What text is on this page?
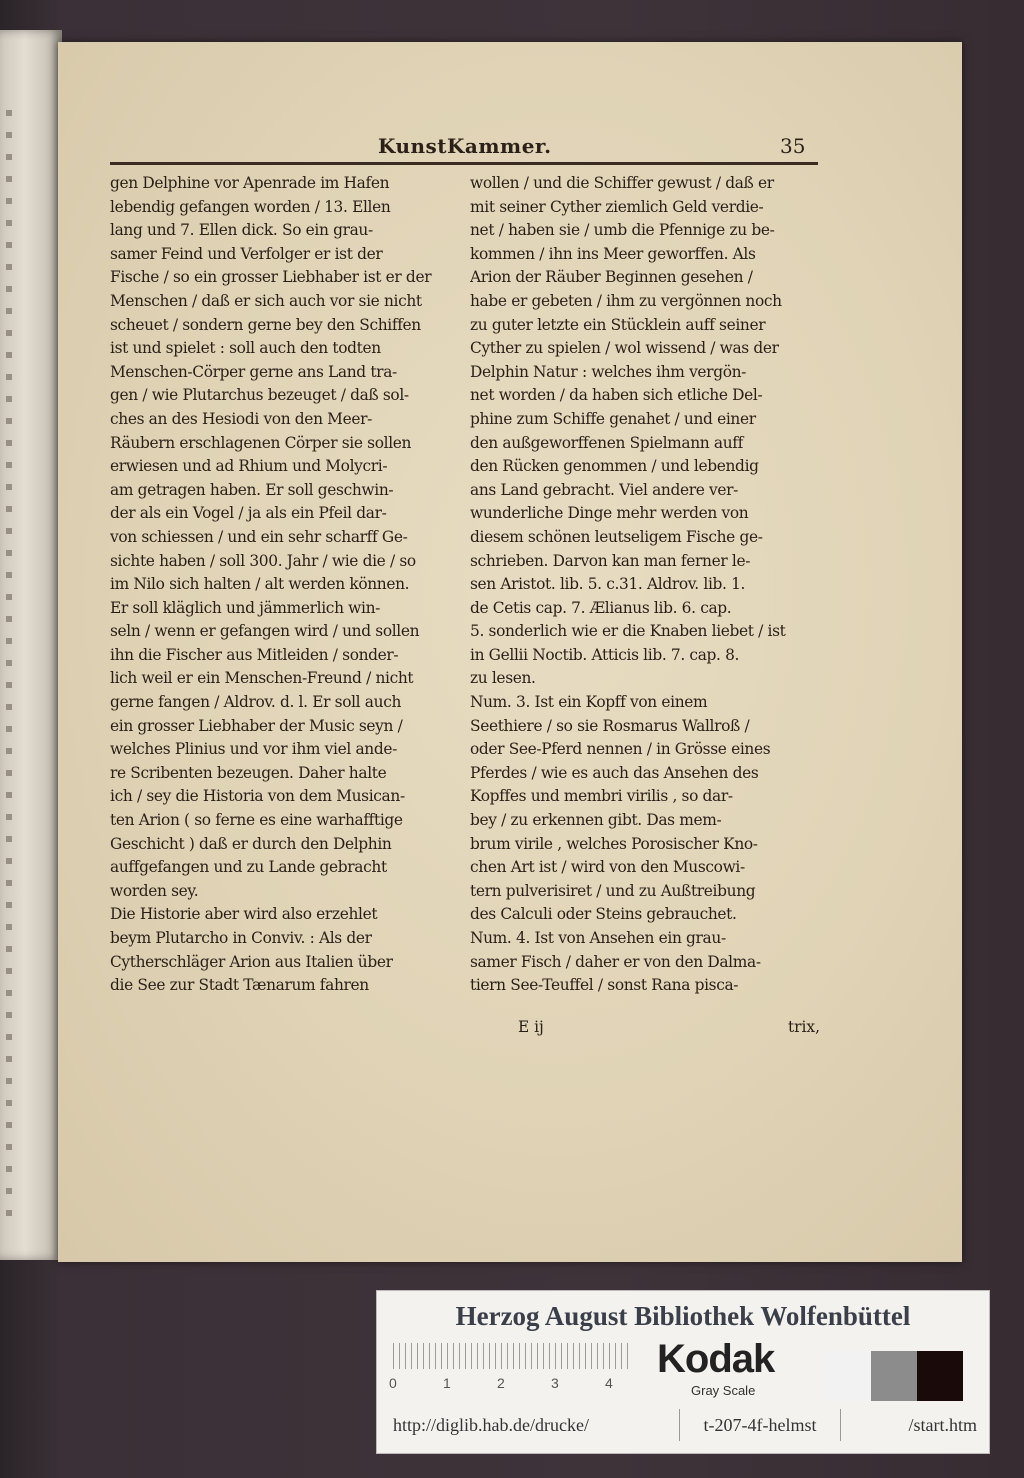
KunstKammer.	35
gen Delphine vor Apenrade im Hafen
lebendig gefangen worden / 13. Ellen
lang und 7. Ellen dick. So ein grau-
samer Feind und Verfolger er ist der
Fische / so ein grosser Liebhaber ist er der
Menschen / daß er sich auch vor sie nicht
scheuet / sondern gerne bey den Schiffen
ist und spielet : soll auch den todten
Menschen-Cörper gerne ans Land tra-
gen / wie Plutarchus bezeuget / daß sol-
ches an des Hesiodi von den Meer-
Räubern erschlagenen Cörper sie sollen
erwiesen und ad Rhium und Molycri-
am getragen haben. Er soll geschwin-
der als ein Vogel / ja als ein Pfeil dar-
von schiessen / und ein sehr scharff Ge-
sichte haben / soll 300. Jahr / wie die / so
im Nilo sich halten / alt werden können.
Er soll kläglich und jämmerlich win-
seln / wenn er gefangen wird / und sollen
ihn die Fischer aus Mitleiden / sonder-
lich weil er ein Menschen-Freund / nicht
gerne fangen / Aldrov. d. l. Er soll auch
ein grosser Liebhaber der Music seyn /
welches Plinius und vor ihm viel ande-
re Scribenten bezeugen. Daher halte
ich / sey die Historia von dem Musican-
ten Arion ( so ferne es eine warhafftige
Geschicht ) daß er durch den Delphin
auffgefangen und zu Lande gebracht
worden sey.
Die Historie aber wird also erzehlet
beym Plutarcho in Conviv. : Als der
Cytherschläger Arion aus Italien über
die See zur Stadt Tænarum fahren
wollen / und die Schiffer gewust / daß er
mit seiner Cyther ziemlich Geld verdie-
net / haben sie / umb die Pfennige zu be-
kommen / ihn ins Meer geworffen. Als
Arion der Räuber Beginnen gesehen /
habe er gebeten / ihm zu vergönnen noch
zu guter letzte ein Stücklein auff seiner
Cyther zu spielen / wol wissend / was der
Delphin Natur : welches ihm vergön-
net worden / da haben sich etliche Del-
phine zum Schiffe genahet / und einer
den außgeworffenen Spielmann auff
den Rücken genommen / und lebendig
ans Land gebracht. Viel andere ver-
wunderliche Dinge mehr werden von
diesem schönen leutseligem Fische ge-
schrieben. Darvon kan man ferner le-
sen Aristot. lib. 5. c.31. Aldrov. lib. 1.
de Cetis cap. 7. Ælianus lib. 6. cap.
5. sonderlich wie er die Knaben liebet / ist
in Gellii Noctib. Atticis lib. 7. cap. 8.
zu lesen.
Num. 3. Ist ein Kopff von einem
Seethiere / so sie Rosmarus Wallroß /
oder See-Pferd nennen / in Grösse eines
Pferdes / wie es auch das Ansehen des
Kopffes und membri virilis , so dar-
bey / zu erkennen gibt. Das mem-
brum virile , welches Porosischer Kno-
chen Art ist / wird von den Muscowi-
tern pulverisiret / und zu Außtreibung
des Calculi oder Steins gebrauchet.
Num. 4. Ist von Ansehen ein grau-
samer Fisch / daher er von den Dalma-
tiern See-Teuffel / sonst Rana pisca-
E ij	trix,
Herzog August Bibliothek Wolfenbüttel
0	1	2	3	4
Kodak
Gray Scale
http://diglib.hab.de/drucke/	t-207-4f-helmst	/start.htm
